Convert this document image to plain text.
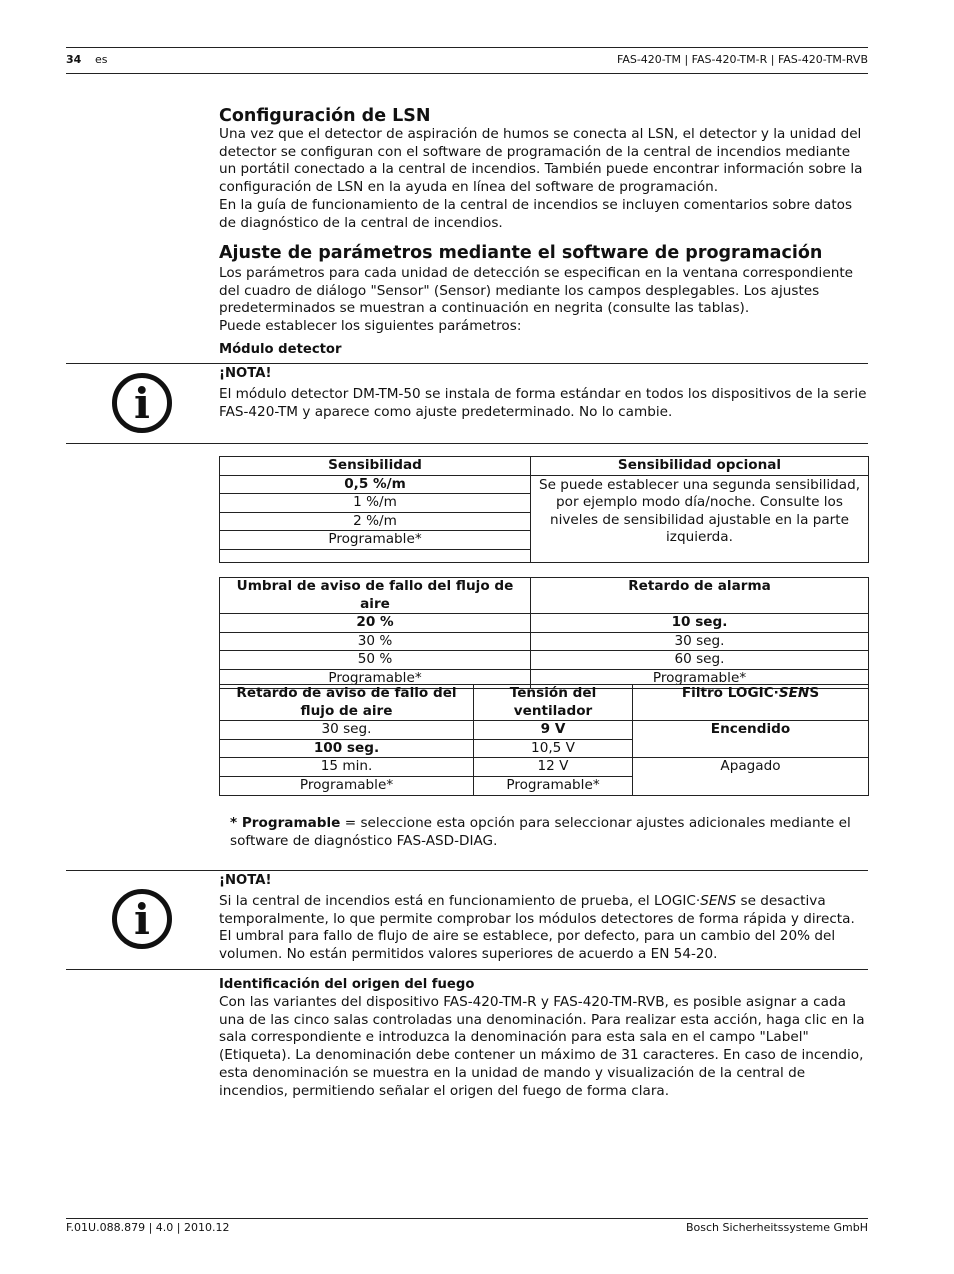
34 es	FAS-420-TM | FAS-420-TM-R | FAS-420-TM-RVB
Configuración de LSN

Una vez que el detector de aspiración de humos se conecta al LSN, el detector y la unidad del detector se configuran con el software de programación de la central de incendios mediante un portátil conectado a la central de incendios. También puede encontrar información sobre la configuración de LSN en la ayuda en línea del software de programación.

En la guía de funcionamiento de la central de incendios se incluyen comentarios sobre datos de diagnóstico de la central de incendios.

Ajuste de parámetros mediante el software de programación

Los parámetros para cada unidad de detección se especifican en la ventana correspondiente del cuadro de diálogo "Sensor" (Sensor) mediante los campos desplegables. Los ajustes predeterminados se muestran a continuación en negrita (consulte las tablas).

Puede establecer los siguientes parámetros:

Módulo detector
i
¡NOTA!
El módulo detector DM-TM-50 se instala de forma estándar en todos los dispositivos de la serie FAS-420-TM y aparece como ajuste predeterminado. No lo cambie.
Sensibilidad	Sensibilidad opcional
0,5 %/m	Se puede establecer una segunda sensibilidad, por ejemplo modo día/noche. Consulte los niveles de sensibilidad ajustable en la parte izquierda.
1 %/m	
2 %/m	
Programable*	

Umbral de aviso de fallo del flujo de aire	Retardo de alarma
20 %	10 seg.
30 %	30 seg.
50 %	60 seg.
Programable*	Programable*
Retardo de aviso de fallo del flujo de aire	Tensión del ventilador	Filtro LOGIC·SENS
30 seg.	9 V	Encendido
100 seg.	10,5 V	
15 min.	12 V	Apagado
Programable*	Programable*	
* Programable = seleccione esta opción para seleccionar ajustes adicionales mediante el software de diagnóstico FAS-ASD-DIAG.
i
¡NOTA!
Si la central de incendios está en funcionamiento de prueba, el LOGIC·SENS se desactiva temporalmente, lo que permite comprobar los módulos detectores de forma rápida y directa. El umbral para fallo de flujo de aire se establece, por defecto, para un cambio del 20% del volumen. No están permitidos valores superiores de acuerdo a EN 54-20.
Identificación del origen del fuego
Con las variantes del dispositivo FAS-420-TM-R y FAS-420-TM-RVB, es posible asignar a cada una de las cinco salas controladas una denominación. Para realizar esta acción, haga clic en la sala correspondiente e introduzca la denominación para esta sala en el campo "Label" (Etiqueta). La denominación debe contener un máximo de 31 caracteres. En caso de incendio, esta denominación se muestra en la unidad de mando y visualización de la central de incendios, permitiendo señalar el origen del fuego de forma clara.
F.01U.088.879 | 4.0 | 2010.12	Bosch Sicherheitssysteme GmbH
